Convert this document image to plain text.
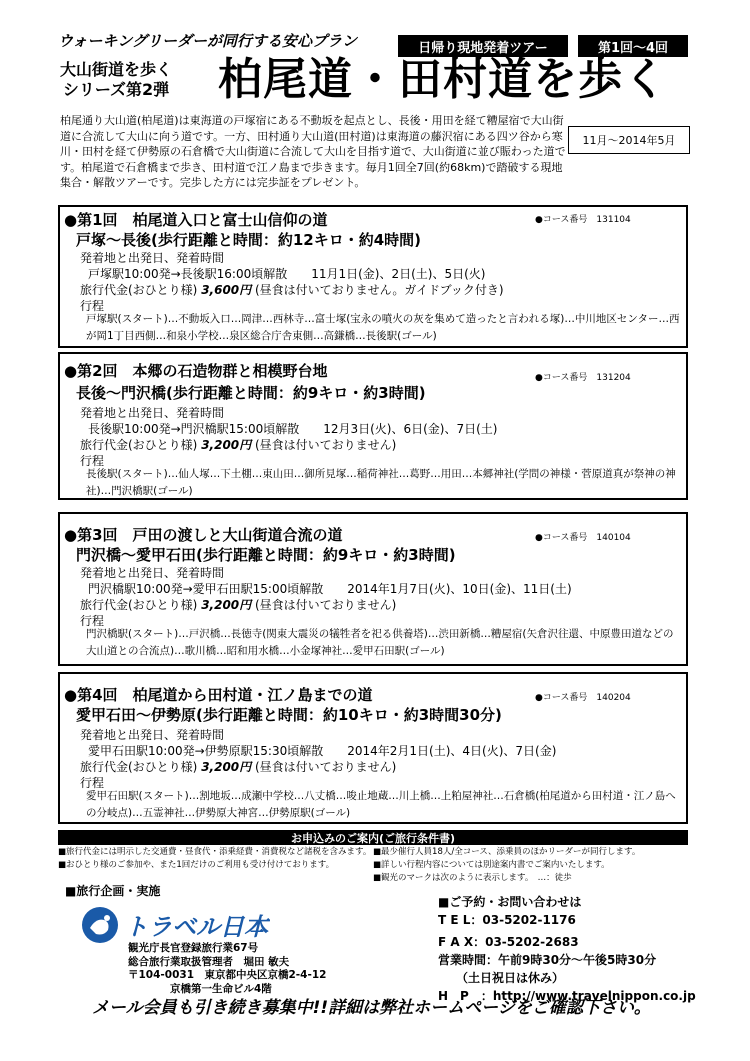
ウォーキングリーダーが同行する安心プラン	日帰り現地発着ツアー	第1回～4回
大山街道を歩く
シリーズ第2弾 柏尾道・田村道を歩く
柏尾通り大山道(柏尾道)は東海道の戸塚宿にある不動坂を起点とし、長後・用田を経て糟屋宿で大山街道に合流して大山に向う道です。一方、田村通り大山道(田村道)は東海道の藤沢宿にある四ツ谷から寒川・田村を経て伊勢原の石倉橋で大山街道に合流して大山を目指す道で、大山街道に並び賑わった道です。柏尾道で石倉橋まで歩き、田村道で江ノ島まで歩きます。毎月1回全7回(約68km)で踏破する現地集合・解散ツアーです。完歩した方には完歩証をプレゼント。
11月～2014年5月
●第1回　柏尾道入口と富士山信仰の道	●コース番号　131104
戸塚～長後(歩行距離と時間：約12キロ・約4時間)
発着地と出発日、発着時間
戸塚駅10:00発→長後駅16:00頃解散　　11月1日(金)、2日(土)、5日(火)
旅行代金(おひとり様) 3,600円 (昼食は付いておりません。ガイドブック付き)
行程
戸塚駅(スタート)…不動坂入口…岡津…西林寺…富士塚(宝永の噴火の灰を集めて造ったと言われる塚)…中川地区センター…西が岡1丁目西側…和泉小学校…泉区総合庁舎東側…高鎌橋…長後駅(ゴール)
●第2回　本郷の石造物群と相模野台地	●コース番号　131204
長後～門沢橋(歩行距離と時間：約9キロ・約3時間)
発着地と出発日、発着時間
長後駅10:00発→門沢橋駅15:00頃解散　　12月3日(火)、6日(金)、7日(土)
旅行代金(おひとり様) 3,200円 (昼食は付いておりません)
行程
長後駅(スタート)…仙人塚…下土棚…東山田…御所見塚…稲荷神社…葛野…用田…本郷神社(学問の神様・菅原道真が祭神の神社)…門沢橋駅(ゴール)
●第3回　戸田の渡しと大山街道合流の道	●コース番号　140104
門沢橋～愛甲石田(歩行距離と時間：約9キロ・約3時間)
発着地と出発日、発着時間
門沢橋駅10:00発→愛甲石田駅15:00頃解散　　2014年1月7日(火)、10日(金)、11日(土)
旅行代金(おひとり様) 3,200円 (昼食は付いておりません)
行程
門沢橋駅(スタート)…戸沢橋…長徳寺(関東大震災の犠牲者を祀る供養塔)…渋田新橋…糟屋宿(矢倉沢往還、中原豊田道などの大山道との合流点)…歌川橋…昭和用水橋…小金塚神社…愛甲石田駅(ゴール)
●第4回　柏尾道から田村道・江ノ島までの道	●コース番号　140204
愛甲石田～伊勢原(歩行距離と時間：約10キロ・約3時間30分)
発着地と出発日、発着時間
愛甲石田駅10:00発→伊勢原駅15:30頃解散　　2014年2月1日(土)、4日(火)、7日(金)
旅行代金(おひとり様) 3,200円 (昼食は付いておりません)
行程
愛甲石田駅(スタート)…割地坂…成瀬中学校…八丈橋…唆止地蔵…川上橋…上粕屋神社…石倉橋(柏尾道から田村道・江ノ島への分岐点)…五霊神社…伊勢原大神宮…伊勢原駅(ゴール)
お申込みのご案内(ご旅行条件書)
■旅行代金には明示した交通費・昼食代・添乗経費・消費税など諸税を含みます。
■おひとり様のご参加や、また1回だけのご利用も受け付けております。
■最少催行人員18人/全コース、添乗員のほかリーダーが同行します。
■詳しい行程内容については別途案内書でご案内いたします。
■観光のマークは次のように表示します。　…：徒歩
■旅行企画・実施
トラベル日本
観光庁長官登録旅行業67号
総合旅行業取扱管理者　堀田 敏夫
〒104-0031　東京都中央区京橋2-4-12
　　　　京橋第一生命ビル4階
■ご予約・お問い合わせは
T E L：03-5202-1176
F A X：03-5202-2683
営業時間：午前9時30分～午後5時30分
　　（土日祝日は休み）
H　P　：http://www.travelnippon.co.jp
メール会員も引き続き募集中!!詳細は弊社ホームページをご確認下さい。
